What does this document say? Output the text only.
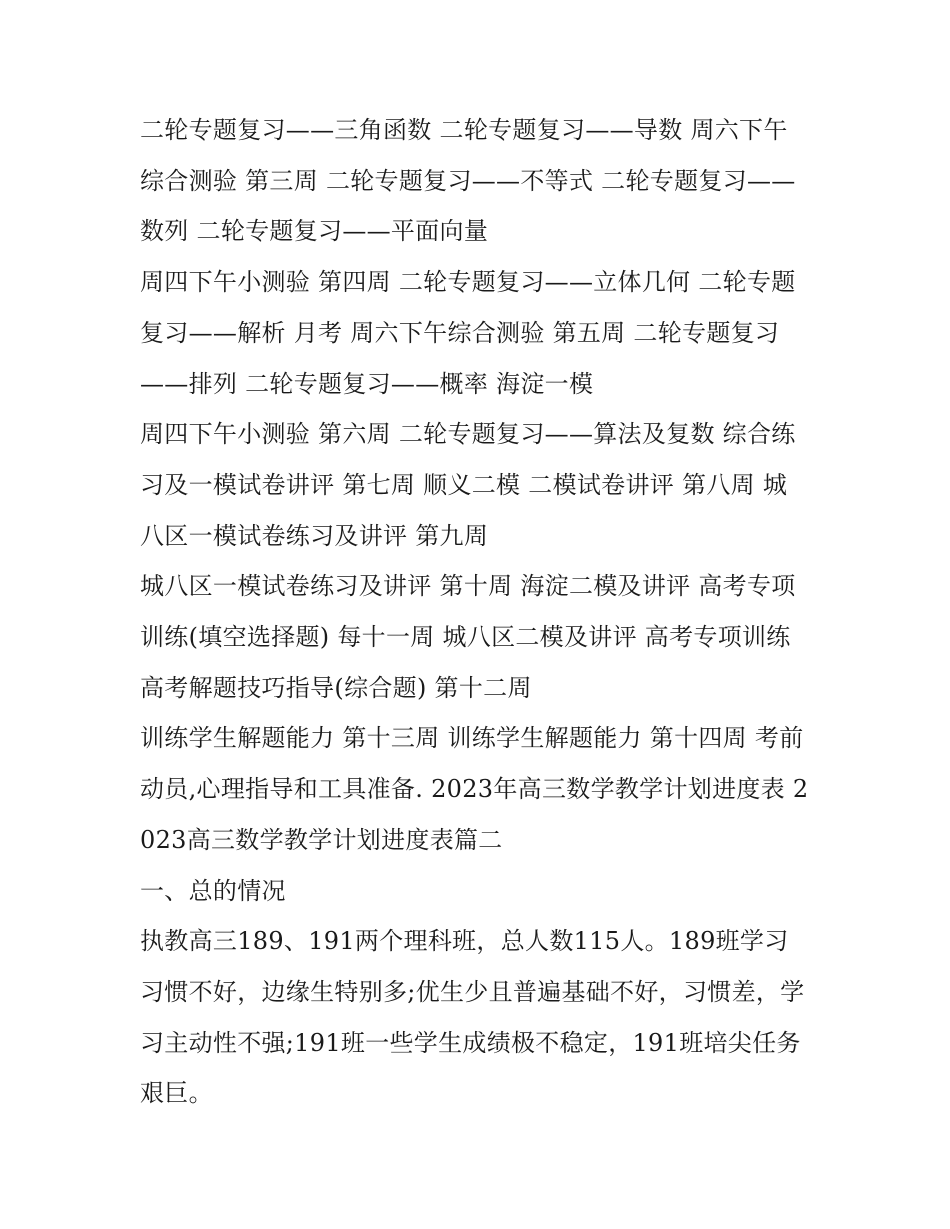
二轮专题复习——三角函数 二轮专题复习——导数 周六下午综合测验 第三周 二轮专题复习——不等式 二轮专题复习——数列 二轮专题复习——平面向量

周四下午小测验 第四周 二轮专题复习——立体几何 二轮专题复习——解析 月考 周六下午综合测验 第五周 二轮专题复习——排列 二轮专题复习——概率 海淀一模

周四下午小测验 第六周 二轮专题复习——算法及复数 综合练习及一模试卷讲评 第七周 顺义二模 二模试卷讲评 第八周 城八区一模试卷练习及讲评 第九周

城八区一模试卷练习及讲评 第十周 海淀二模及讲评 高考专项训练(填空选择题) 每十一周 城八区二模及讲评 高考专项训练 高考解题技巧指导(综合题) 第十二周

训练学生解题能力 第十三周 训练学生解题能力 第十四周 考前动员,心理指导和工具准备. 2023年高三数学教学计划进度表 2023高三数学教学计划进度表篇二

一、总的情况

执教高三189、191两个理科班，总人数115人。189班学习习惯不好，边缘生特别多;优生少且普遍基础不好，习惯差，学习主动性不强;191班一些学生成绩极不稳定，191班培尖任务艰巨。
